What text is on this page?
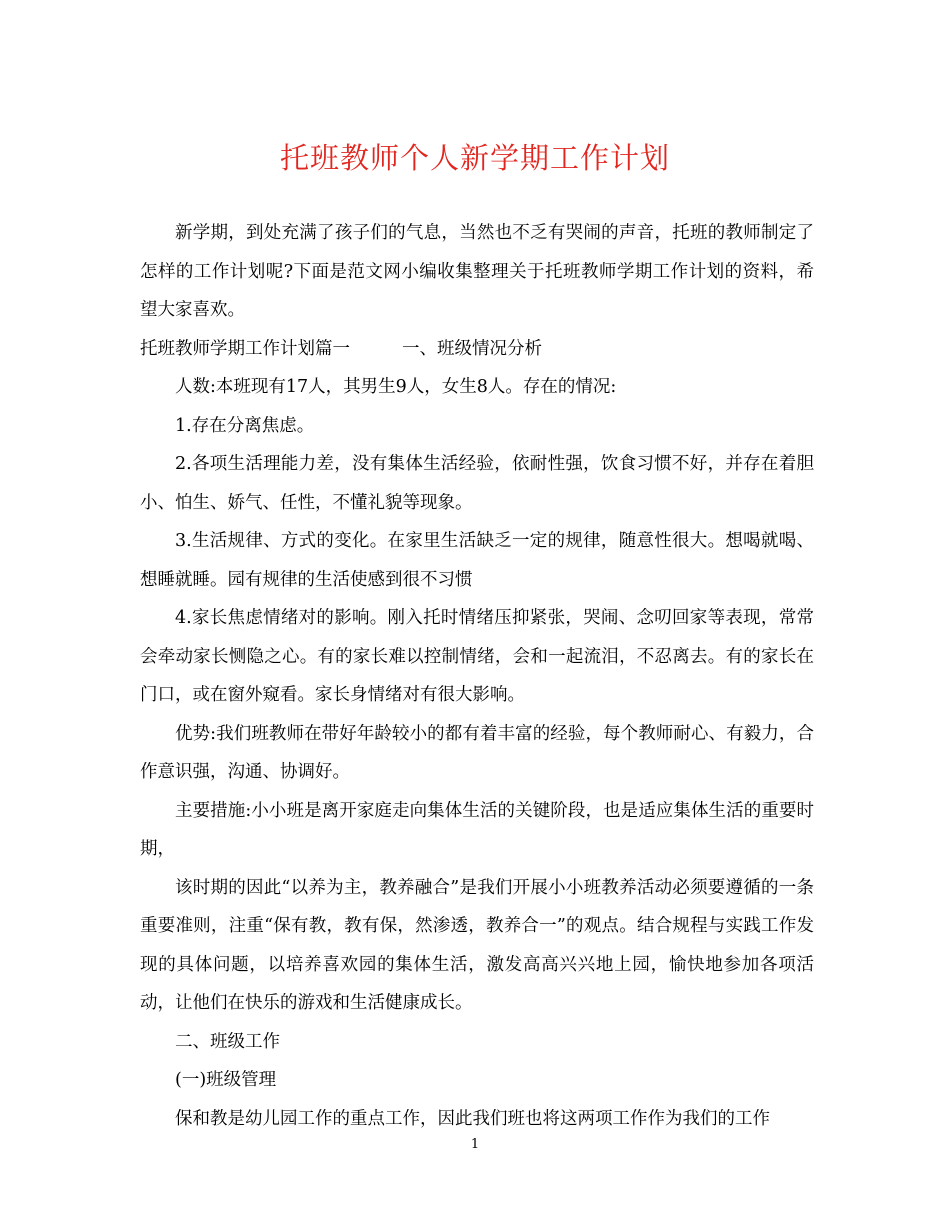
托班教师个人新学期工作计划

新学期，到处充满了孩子们的气息，当然也不乏有哭闹的声音，托班的教师制定了怎样的工作计划呢?下面是范文网小编收集整理关于托班教师学期工作计划的资料，希望大家喜欢。

托班教师学期工作计划篇一	一、班级情况分析

人数:本班现有17人，其男生9人，女生8人。存在的情况:

1.存在分离焦虑。

2.各项生活理能力差，没有集体生活经验，依耐性强，饮食习惯不好，并存在着胆小、怕生、娇气、任性，不懂礼貌等现象。

3.生活规律、方式的变化。在家里生活缺乏一定的规律，随意性很大。想喝就喝、想睡就睡。园有规律的生活使感到很不习惯

4.家长焦虑情绪对的影响。刚入托时情绪压抑紧张，哭闹、念叨回家等表现，常常会牵动家长恻隐之心。有的家长难以控制情绪，会和一起流泪，不忍离去。有的家长在门口，或在窗外窥看。家长身情绪对有很大影响。

优势:我们班教师在带好年龄较小的都有着丰富的经验，每个教师耐心、有毅力，合作意识强，沟通、协调好。

主要措施:小小班是离开家庭走向集体生活的关键阶段，也是适应集体生活的重要时期，

该时期的因此“以养为主，教养融合”是我们开展小小班教养活动必须要遵循的一条重要准则，注重“保有教，教有保，然渗透，教养合一”的观点。结合规程与实践工作发现的具体问题，以培养喜欢园的集体生活，激发高高兴兴地上园，愉快地参加各项活动，让他们在快乐的游戏和生活健康成长。

二、班级工作

(一)班级管理

保和教是幼儿园工作的重点工作，因此我们班也将这两项工作作为我们的工作

1
